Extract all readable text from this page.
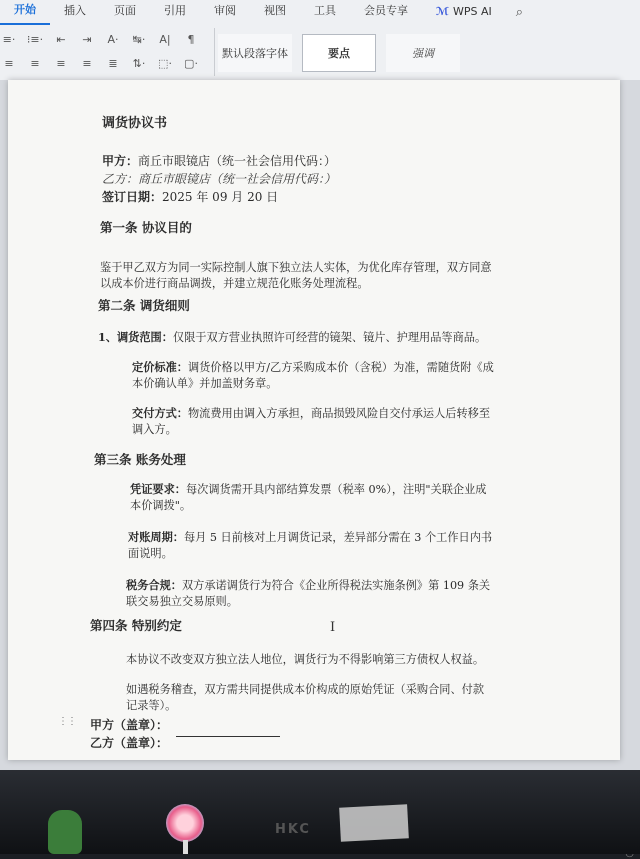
开始	插入	页面	引用	审阅	视图	工具	会员专享	ℳ WPS AI	⌕
≡· ⁝≡·	⇤	⇥	A·	↹·	A|	¶
≡	≡	≡	≡	≣	⇅· ⬚· ▢·
默认段落字体	要点	强调
调货协议书
甲方：商丘市眼镜店（统一社会信用代码：）
乙方：商丘市眼镜店（统一社会信用代码：）
签订日期：2025 年 09 月 20 日
第一条 协议目的
鉴于甲乙双方为同一实际控制人旗下独立法人实体，为优化库存管理，双方同意
以成本价进行商品调拨，并建立规范化账务处理流程。
第二条 调货细则
1、调货范围：仅限于双方营业执照许可经营的镜架、镜片、护理用品等商品。
定价标准：调货价格以甲方/乙方采购成本价（含税）为准，需随货附《成
本价确认单》并加盖财务章。
交付方式：物流费用由调入方承担，商品损毁风险自交付承运人后转移至
调入方。
第三条 账务处理
凭证要求：每次调货需开具内部结算发票（税率 0%），注明"关联企业成
本价调拨"。
对账周期：每月 5 日前核对上月调货记录，差异部分需在 3 个工作日内书
面说明。
税务合规：双方承诺调货行为符合《企业所得税法实施条例》第 109 条关
联交易独立交易原则。
第四条 特别约定	I
本协议不改变双方独立法人地位，调货行为不得影响第三方债权人权益。
如遇税务稽查，双方需共同提供成本价构成的原始凭证（采购合同、付款
记录等）。
⋮⋮ 甲方（盖章）：
乙方（盖章）：
HKC
